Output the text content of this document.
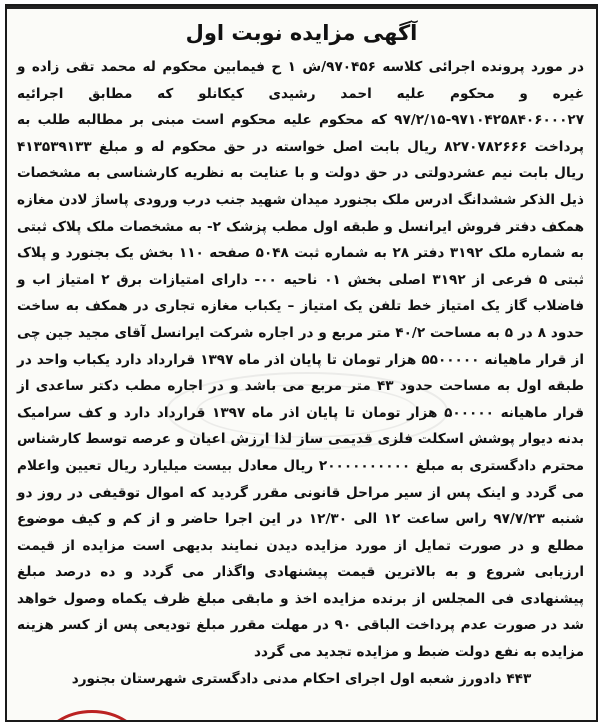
آگهی مزایده نوبت اول

در مورد پرونده اجرائی کلاسه ۹۷۰۴۵۶/ش ۱ ح فیمابین محکوم له محمد تقی زاده و غیره و محکوم علیه احمد رشیدی کیکانلو که مطابق اجرائیه ۹۷۱۰۴۲۵۸۴۰۶۰۰۰۲۷-۹۷/۲/۱۵ که محکوم علیه محکوم است مبنی بر مطالبه طلب به پرداخت ۸۲۷۰۷۸۲۶۶۶ ریال بابت اصل خواسته در حق محکوم له و مبلغ ۴۱۳۵۳۹۱۳۳ ریال بابت نیم عشردولتی در حق دولت و با عنایت به نظریه کارشناسی به مشخصات ذیل الذکر ششدانگ ادرس ملک بجنورد میدان شهید جنب درب ورودی پاساژ لادن مغازه همکف دفتر فروش ایرانسل و طبقه اول مطب پزشک ۲- به مشخصات ملک پلاک ثبتی به شماره ملک ۳۱۹۲ دفتر ۲۸ به شماره ثبت ۵۰۴۸ صفحه ۱۱۰ بخش یک بجنورد و پلاک ثبتی ۵ فرعی از ۳۱۹۲ اصلی بخش ۰۱ ناحیه ۰۰- دارای امتیازات برق ۲ امتیاز اب و فاضلاب گاز یک امتیاز خط تلفن یک امتیاز – یکباب مغازه تجاری در همکف به ساخت حدود ۸ در ۵ به مساحت ۴۰/۲ متر مربع و در اجاره شرکت ایرانسل آقای مجید جین چی از قرار ماهیانه ۵۵۰۰۰۰۰ هزار تومان تا پایان اذر ماه ۱۳۹۷ قرارداد دارد یکباب واحد در طبقه اول به مساحت حدود ۴۳ متر مربع می باشد و در اجاره مطب دکتر ساعدی از قرار ماهیانه ۵۰۰۰۰۰ هزار تومان تا پایان اذر ماه ۱۳۹۷ قرارداد دارد و کف سرامیک بدنه دیوار پوشش اسکلت فلزی قدیمی ساز لذا ارزش اعیان و عرصه توسط کارشناس محترم دادگستری به مبلغ ۲۰۰۰۰۰۰۰۰۰۰ ریال معادل بیست میلیارد ریال تعیین واعلام می گردد و اینک پس از سیر مراحل قانونی مقرر گردید که اموال توقیفی در روز دو شنبه ۹۷/۷/۲۳ راس ساعت ۱۲ الی ۱۲/۳۰ در این اجرا حاضر و از کم و کیف موضوع مطلع و در صورت تمایل از مورد مزایده دیدن نمایند بدیهی است مزایده از قیمت ارزیابی شروع و به بالاترین قیمت پیشنهادی واگذار می گردد و ده درصد مبلغ پیشنهادی فی المجلس از برنده مزایده اخذ و مابقی مبلغ ظرف یکماه وصول خواهد شد در صورت عدم پرداخت الباقی ۹۰ در مهلت مقرر مبلغ تودیعی پس از کسر هزینه مزایده به نفع دولت ضبط و مزایده تجدید می گردد

۴۴۳ دادورز شعبه اول اجرای احکام مدنی دادگستری شهرستان بجنورد
